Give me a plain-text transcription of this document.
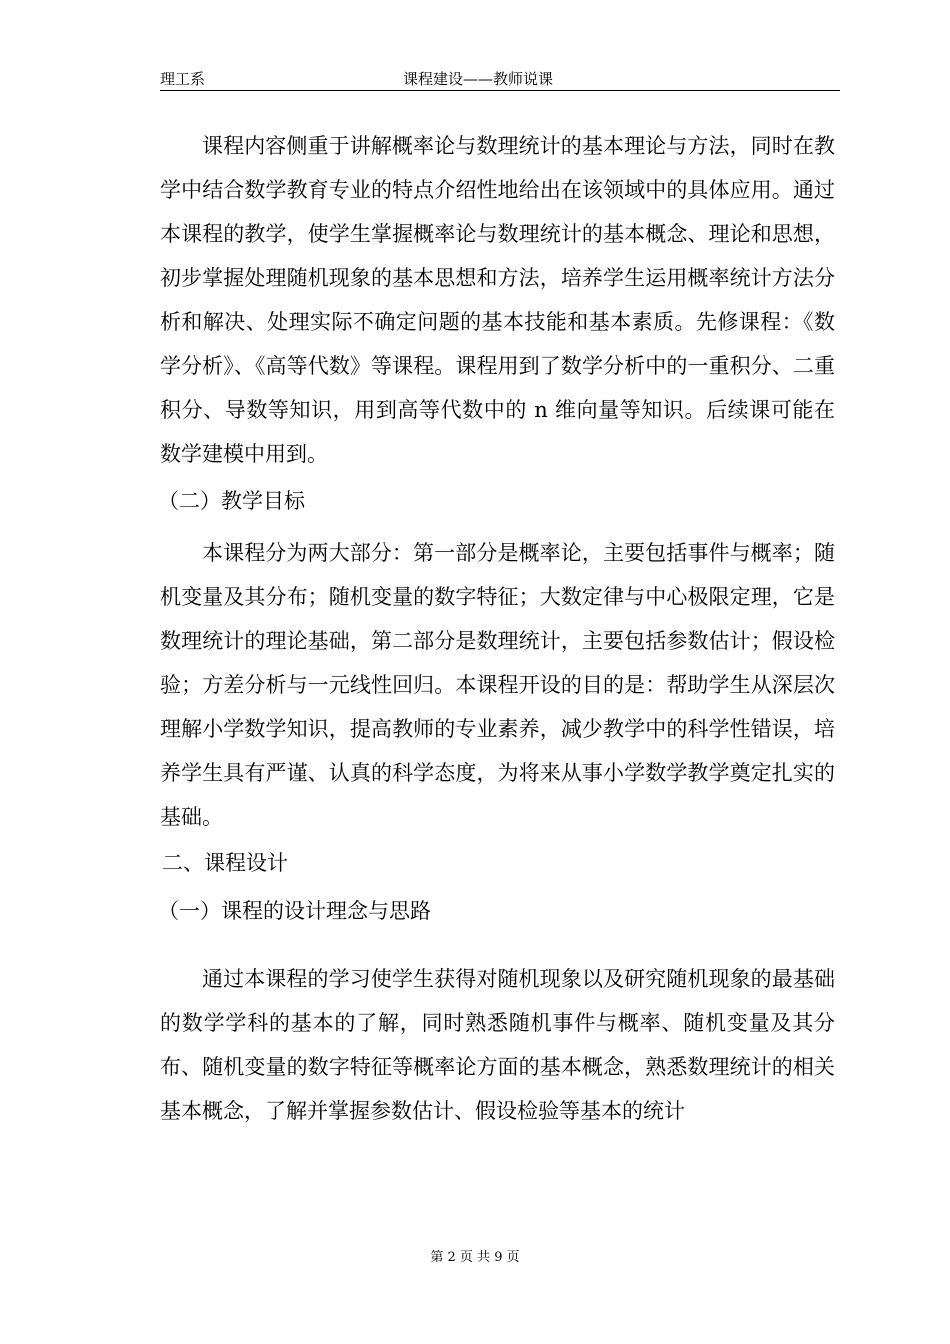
理工系	课程建设——教师说课

课程内容侧重于讲解概率论与数理统计的基本理论与方法，同时在教学中结合数学教育专业的特点介绍性地给出在该领域中的具体应用。通过本课程的教学，使学生掌握概率论与数理统计的基本概念、理论和思想，初步掌握处理随机现象的基本思想和方法，培养学生运用概率统计方法分析和解决、处理实际不确定问题的基本技能和基本素质。先修课程：《数学分析》、《高等代数》等课程。课程用到了数学分析中的一重积分、二重积分、导数等知识，用到高等代数中的 n 维向量等知识。后续课可能在数学建模中用到。

（二）教学目标

本课程分为两大部分：第一部分是概率论，主要包括事件与概率；随机变量及其分布；随机变量的数字特征；大数定律与中心极限定理，它是数理统计的理论基础，第二部分是数理统计，主要包括参数估计；假设检验；方差分析与一元线性回归。本课程开设的目的是：帮助学生从深层次理解小学数学知识，提高教师的专业素养，减少教学中的科学性错误，培养学生具有严谨、认真的科学态度，为将来从事小学数学教学奠定扎实的基础。

二、课程设计

（一）课程的设计理念与思路

通过本课程的学习使学生获得对随机现象以及研究随机现象的最基础的数学学科的基本的了解，同时熟悉随机事件与概率、随机变量及其分布、随机变量的数字特征等概率论方面的基本概念，熟悉数理统计的相关基本概念，了解并掌握参数估计、假设检验等基本的统计

第 2 页 共 9 页
